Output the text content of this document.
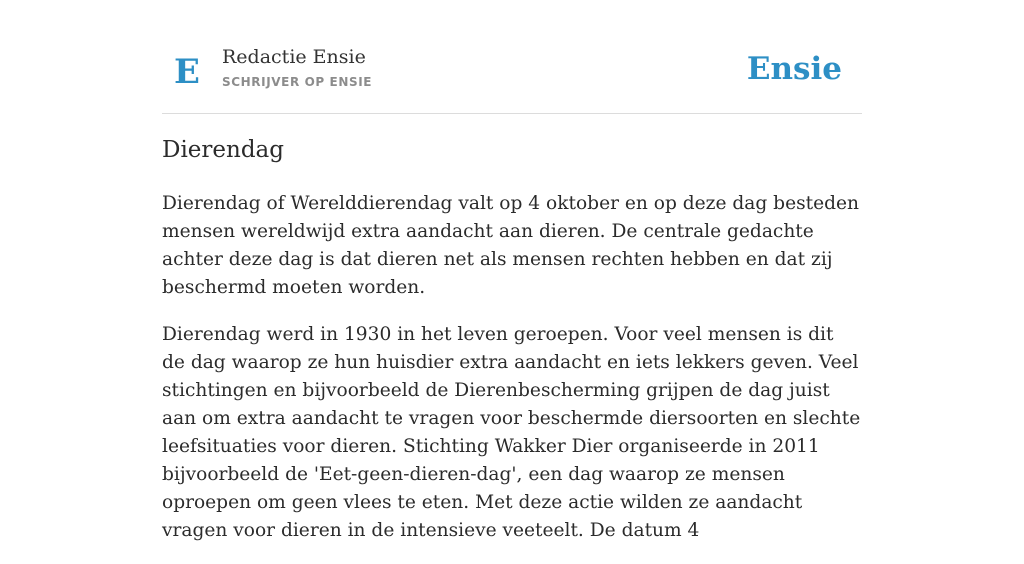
E Redactie Ensie
SCHRIJVER OP ENSIE	Ensie
Dierendag

Dierendag of Werelddierendag valt op 4 oktober en op deze dag besteden mensen wereldwijd extra aandacht aan dieren. De centrale gedachte achter deze dag is dat dieren net als mensen rechten hebben en dat zij beschermd moeten worden.

Dierendag werd in 1930 in het leven geroepen. Voor veel mensen is dit de dag waarop ze hun huisdier extra aandacht en iets lekkers geven. Veel stichtingen en bijvoorbeeld de Dierenbescherming grijpen de dag juist aan om extra aandacht te vragen voor beschermde diersoorten en slechte leefsituaties voor dieren. Stichting Wakker Dier organiseerde in 2011 bijvoorbeeld de 'Eet-geen-dieren-dag', een dag waarop ze mensen oproepen om geen vlees te eten. Met deze actie wilden ze aandacht vragen voor dieren in de intensieve veeteelt. De datum 4
